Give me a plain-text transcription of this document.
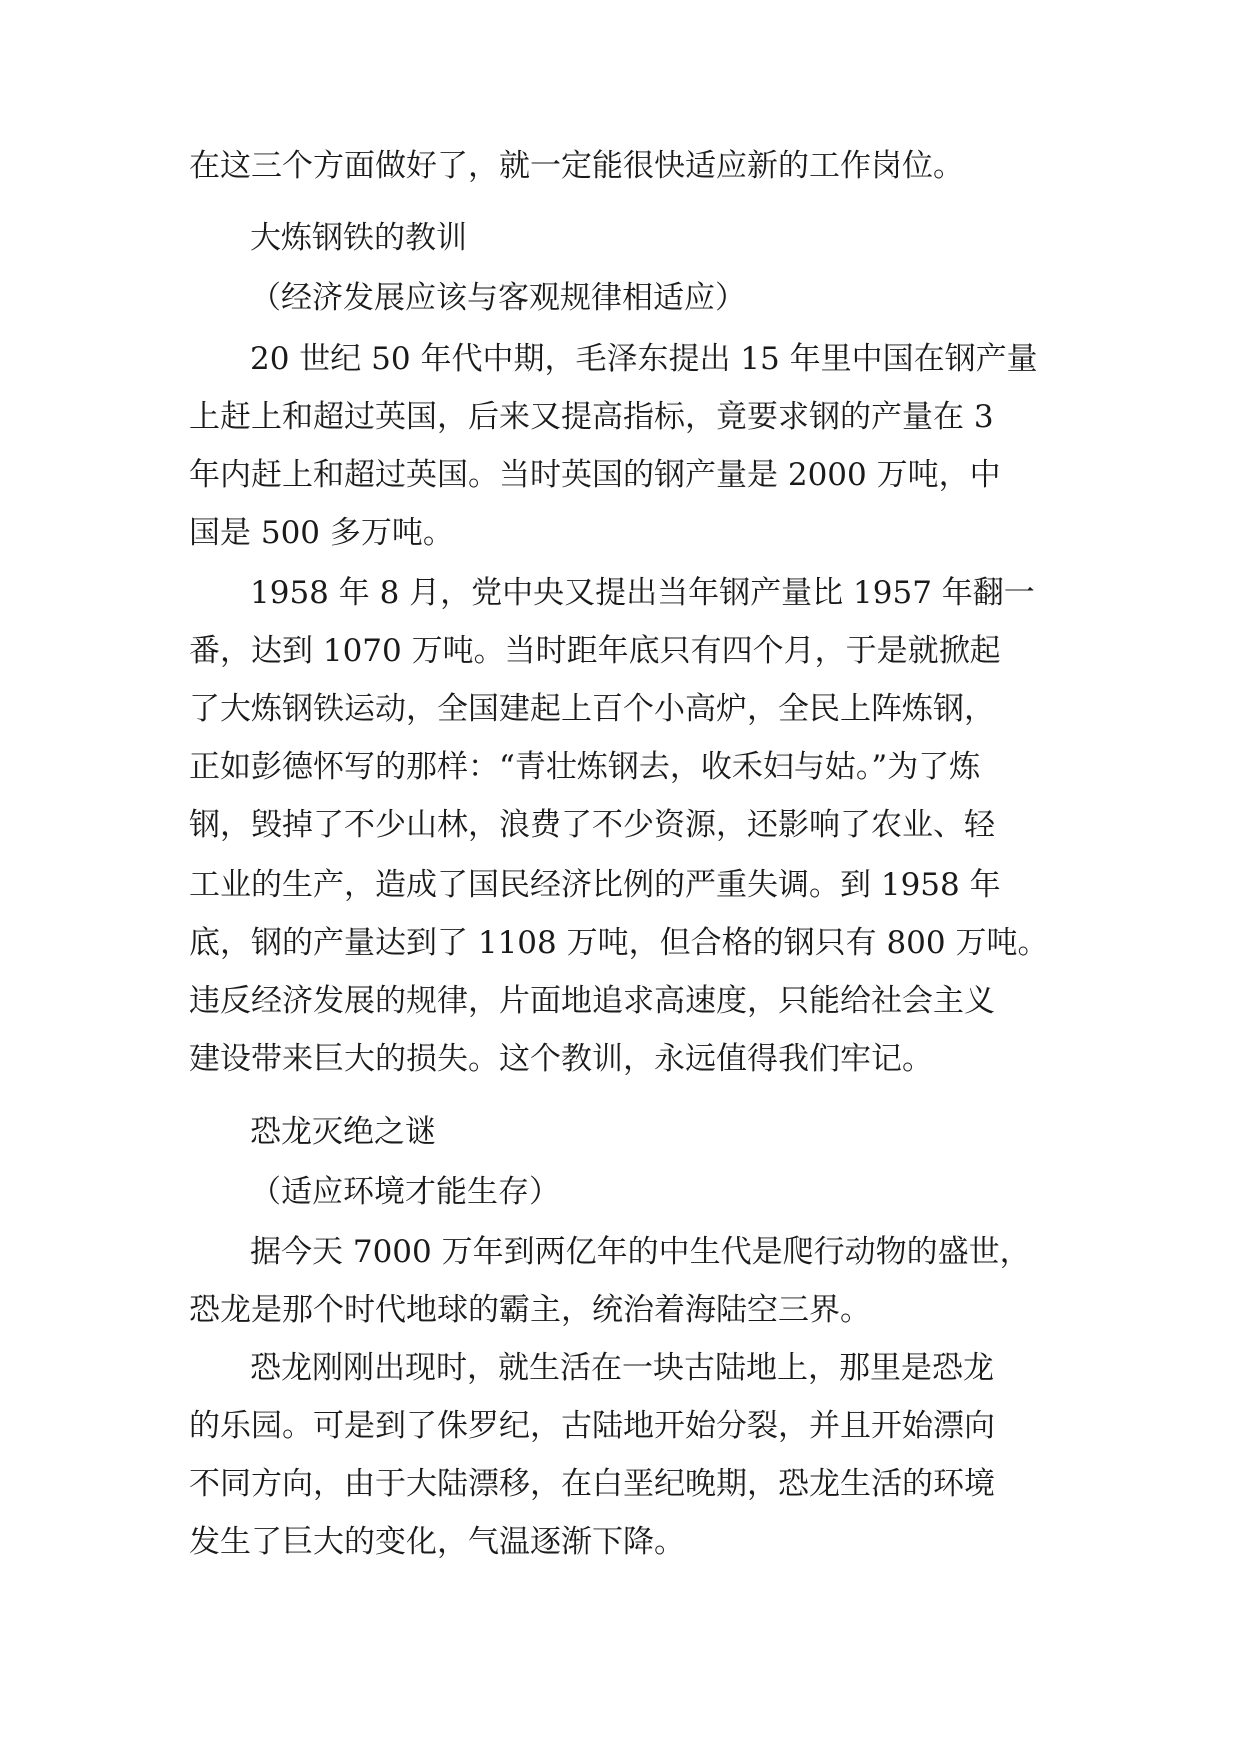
在这三个方面做好了，就一定能很快适应新的工作岗位。

大炼钢铁的教训

（经济发展应该与客观规律相适应）

20 世纪 50 年代中期，毛泽东提出 15 年里中国在钢产量

上赶上和超过英国，后来又提高指标，竟要求钢的产量在 3

年内赶上和超过英国。当时英国的钢产量是 2000 万吨，中

国是 500 多万吨。

1958 年 8 月，党中央又提出当年钢产量比 1957 年翻一

番，达到 1070 万吨。当时距年底只有四个月，于是就掀起

了大炼钢铁运动，全国建起上百个小高炉，全民上阵炼钢，

正如彭德怀写的那样：“青壮炼钢去，收禾妇与姑。”为了炼

钢，毁掉了不少山林，浪费了不少资源，还影响了农业、轻

工业的生产，造成了国民经济比例的严重失调。到 1958 年

底，钢的产量达到了 1108 万吨，但合格的钢只有 800 万吨。

违反经济发展的规律，片面地追求高速度，只能给社会主义

建设带来巨大的损失。这个教训，永远值得我们牢记。

恐龙灭绝之谜

（适应环境才能生存）

据今天 7000 万年到两亿年的中生代是爬行动物的盛世，

恐龙是那个时代地球的霸主，统治着海陆空三界。

恐龙刚刚出现时，就生活在一块古陆地上，那里是恐龙

的乐园。可是到了侏罗纪，古陆地开始分裂，并且开始漂向

不同方向，由于大陆漂移，在白垩纪晚期，恐龙生活的环境

发生了巨大的变化，气温逐渐下降。
